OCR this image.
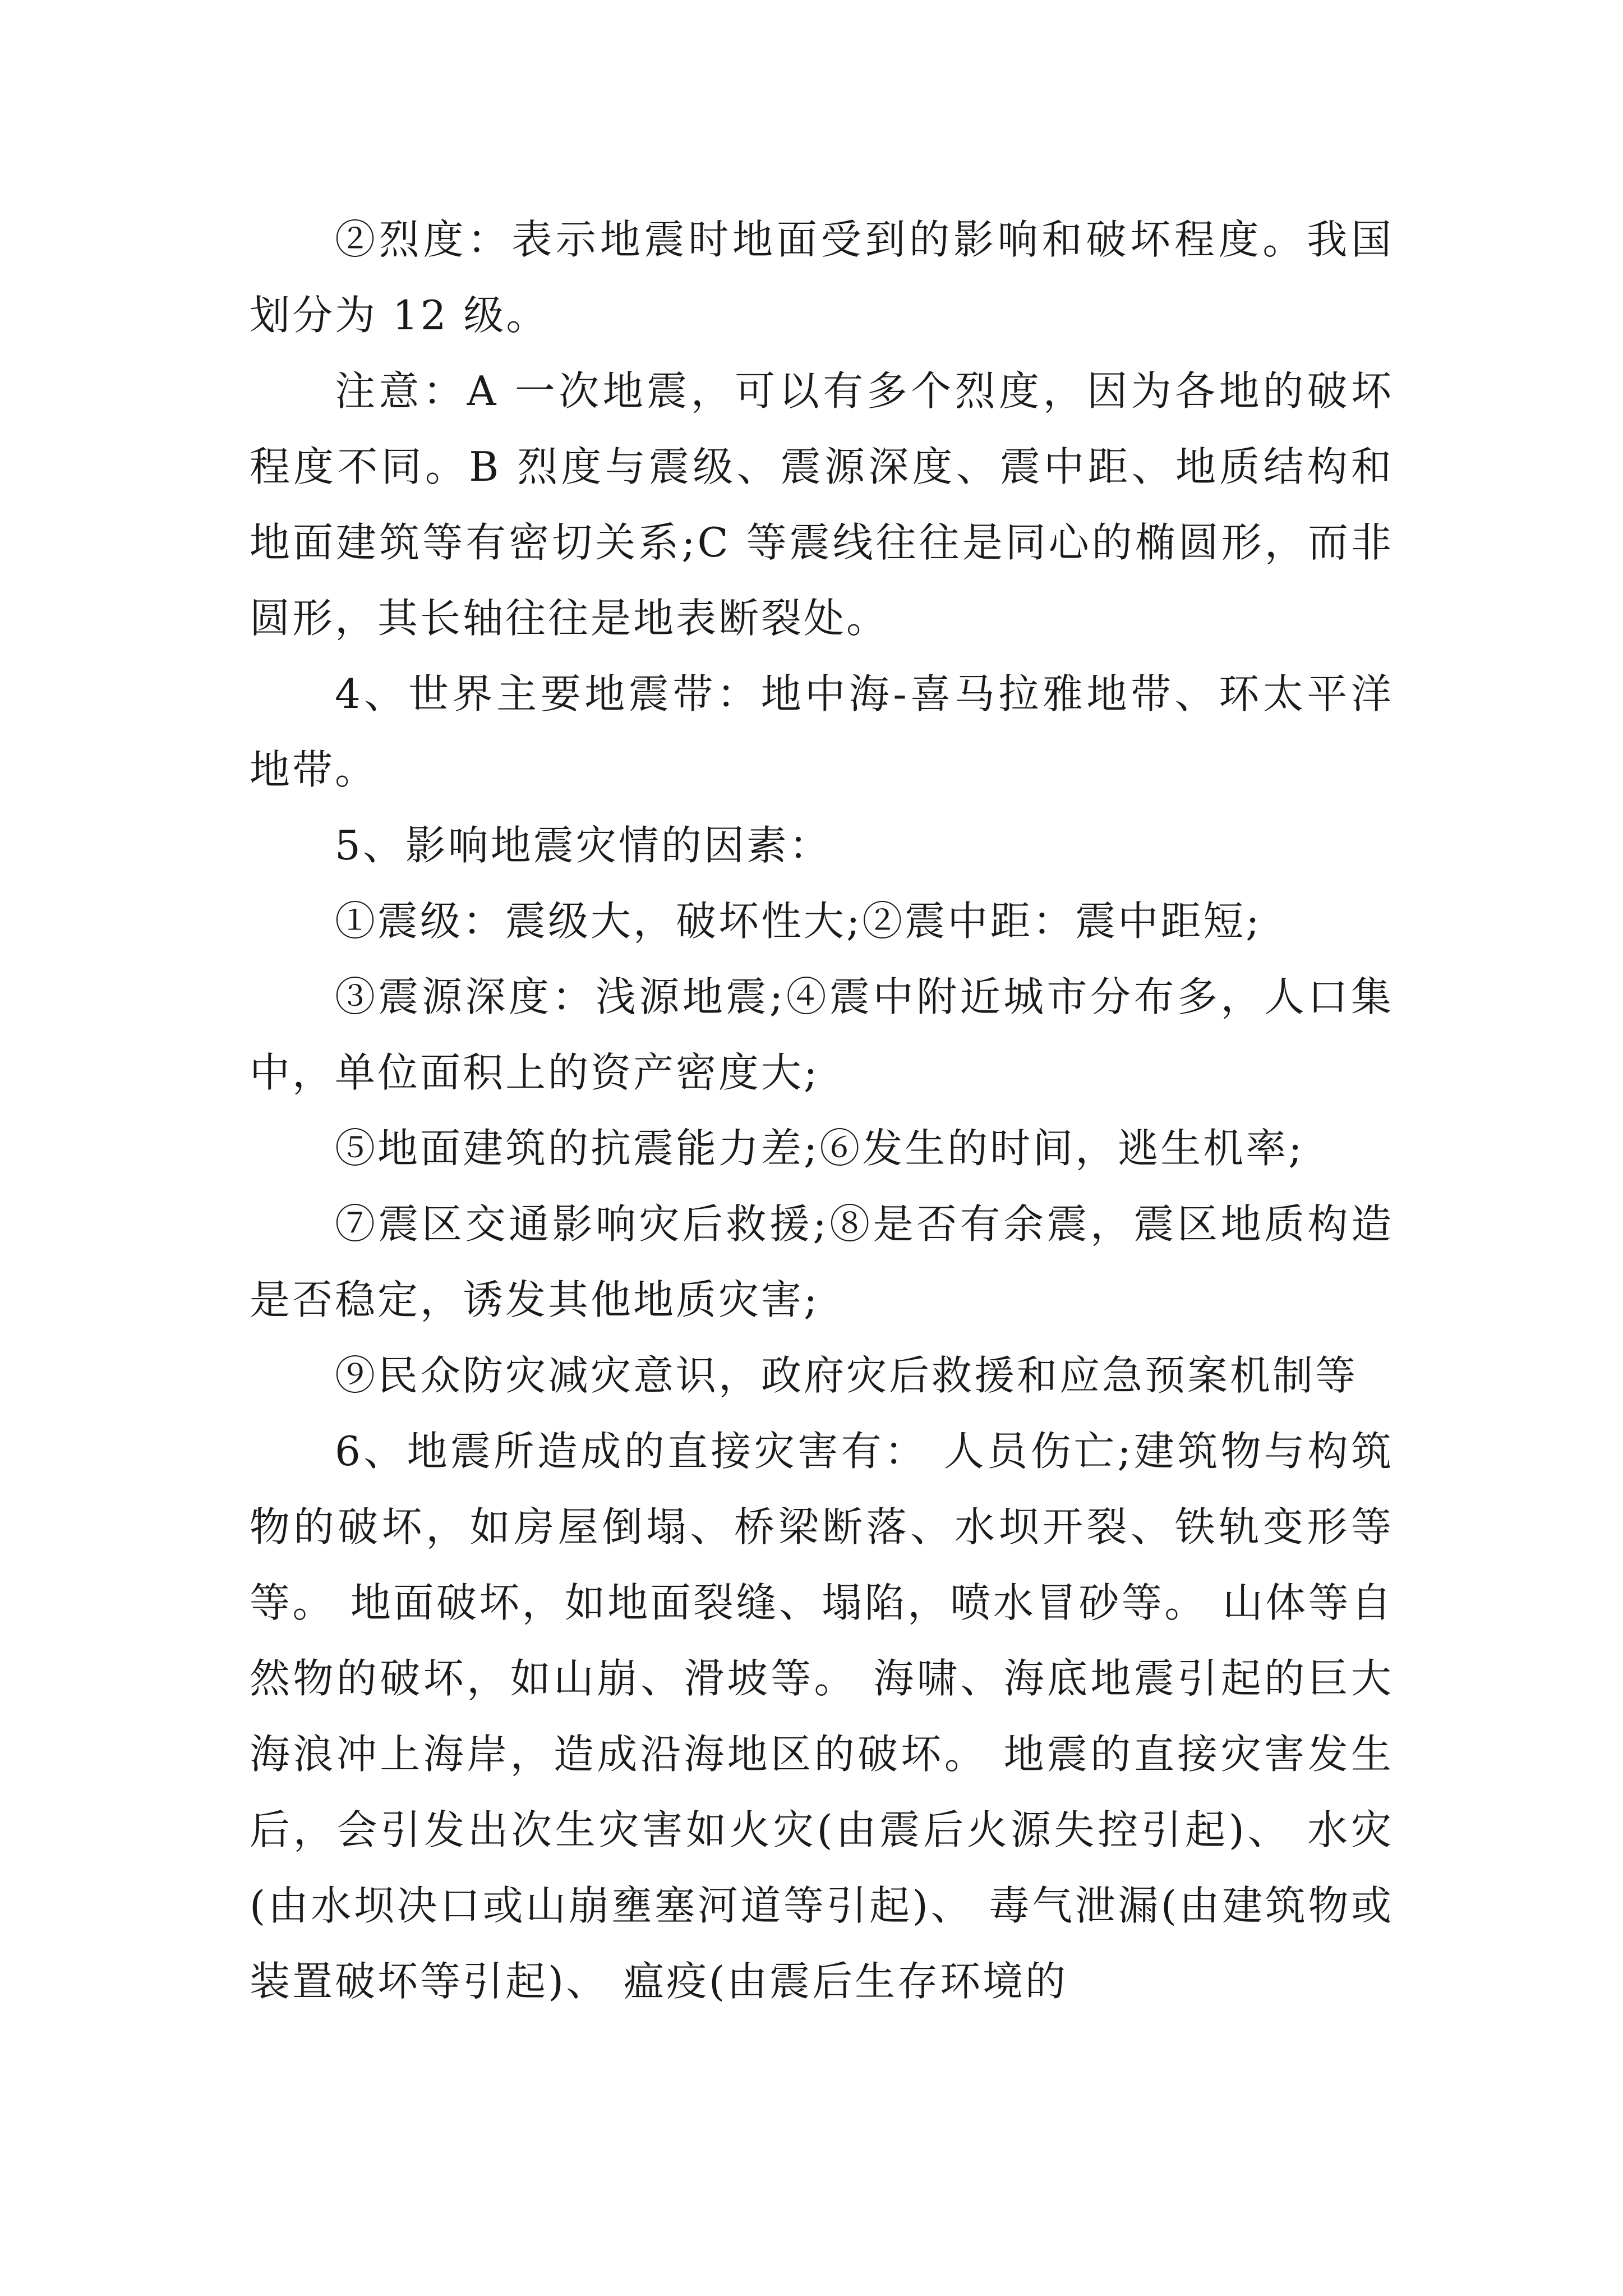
②烈度：表示地震时地面受到的影响和破坏程度。我国划分为 12 级。

注意：A 一次地震，可以有多个烈度，因为各地的破坏程度不同。B 烈度与震级、震源深度、震中距、地质结构和地面建筑等有密切关系;C 等震线往往是同心的椭圆形，而非圆形，其长轴往往是地表断裂处。

4、世界主要地震带：地中海-喜马拉雅地带、环太平洋地带。

5、影响地震灾情的因素：

①震级：震级大，破坏性大;②震中距：震中距短;

③震源深度：浅源地震;④震中附近城市分布多，人口集中，单位面积上的资产密度大;

⑤地面建筑的抗震能力差;⑥发生的时间，逃生机率;

⑦震区交通影响灾后救援;⑧是否有余震，震区地质构造是否稳定，诱发其他地质灾害;

⑨民众防灾减灾意识，政府灾后救援和应急预案机制等

6、地震所造成的直接灾害有： 人员伤亡;建筑物与构筑物的破坏，如房屋倒塌、桥梁断落、水坝开裂、铁轨变形等等。 地面破坏，如地面裂缝、塌陷，喷水冒砂等。 山体等自然物的破坏，如山崩、滑坡等。 海啸、海底地震引起的巨大海浪冲上海岸，造成沿海地区的破坏。 地震的直接灾害发生后，会引发出次生灾害如火灾(由震后火源失控引起)、 水灾(由水坝决口或山崩壅塞河道等引起)、 毒气泄漏(由建筑物或装置破坏等引起)、 瘟疫(由震后生存环境的
